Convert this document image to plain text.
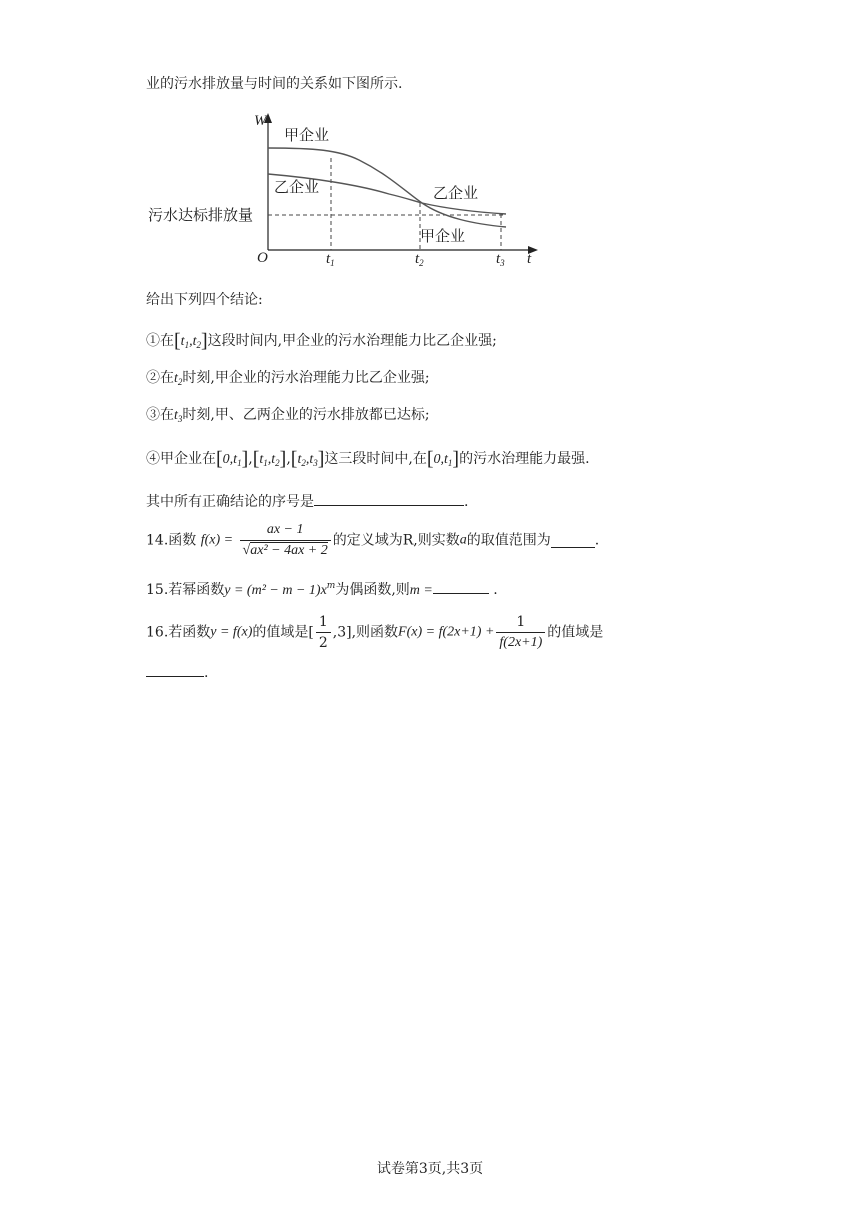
业的污水排放量与时间的关系如下图所示.
W
t
O	$t_1$	$t_2$	$t_3$
甲企业
乙企业
污水达标排放量
乙企业
甲企业
给出下列四个结论:
①在$[t_1,t_2]$这段时间内,甲企业的污水治理能力比乙企业强;
②在$t_2$时刻,甲企业的污水治理能力比乙企业强;
③在$t_3$时刻,甲、乙两企业的污水排放都已达标;
④甲企业在$[0,t_1],[t_1,t_2],[t_2,t_3]$这三段时间中,在$[0,t_1]$的污水治理能力最强.
其中所有正确结论的序号是	.
14.函数 $f(x) = \frac{ax - 1}{\text{√ax² − 4ax + 2}}$ 的定义域为R,则实数a的取值范围为	.
15.若幂函数$y = (m^2 - m - 1)x^m$为偶函数,则m =	.
16.若函数y = f(x)的值域是[ $\frac{1}{2} ,3$],则函数$F(x) = f(2x+1) + \frac{1}{f(2x+1)}$ 的值域是
.
试卷第3页,共3页
